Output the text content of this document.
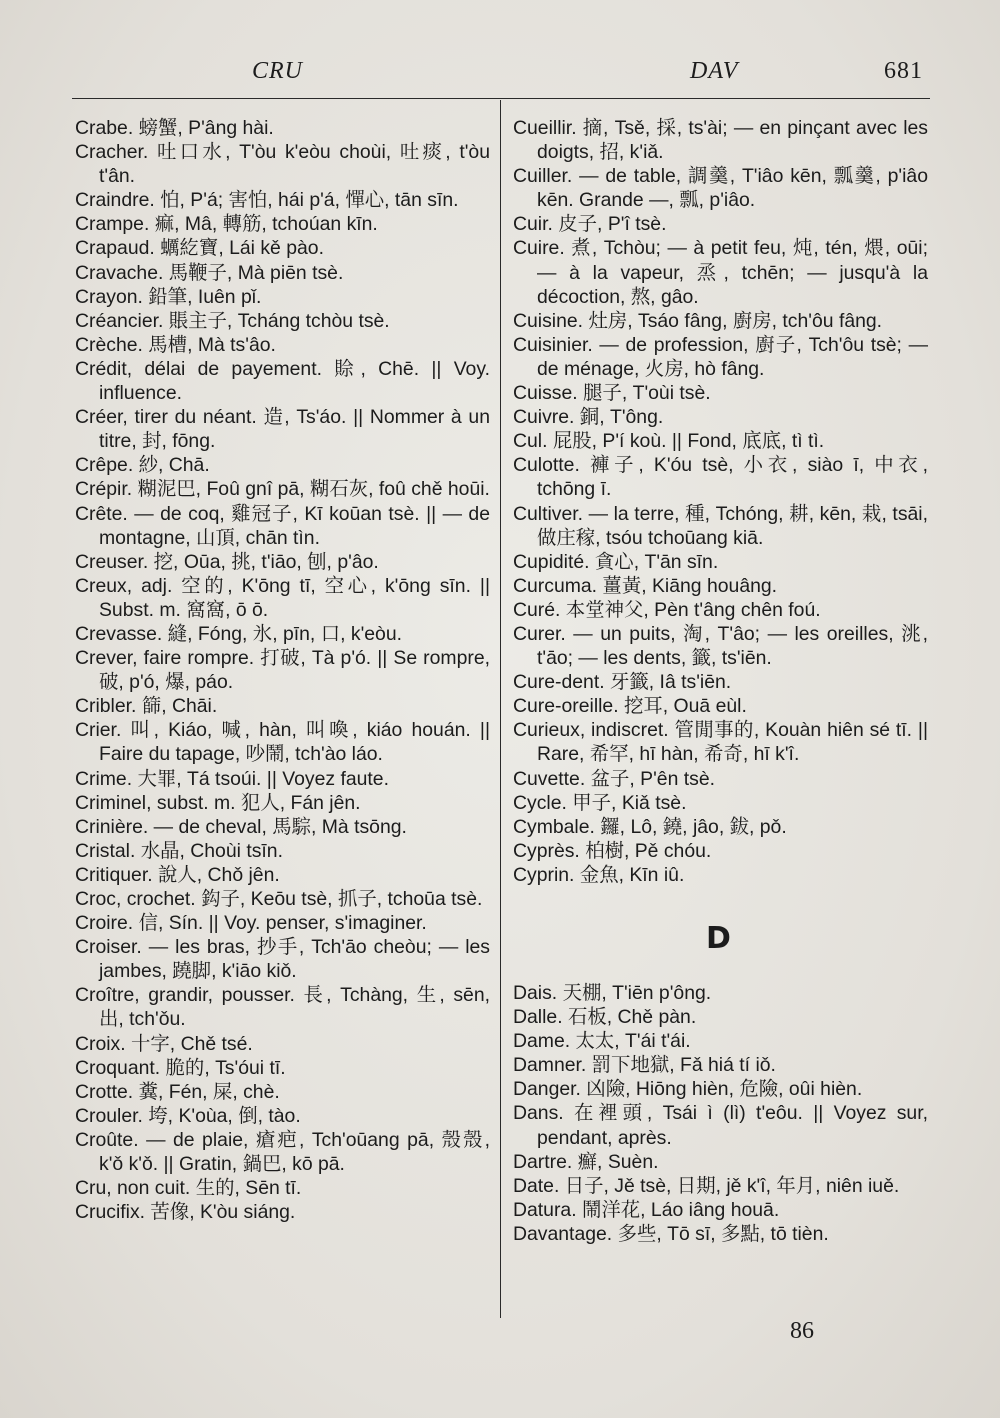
CRU	DAV	681
Crabe. 螃蟹, P'âng hài.
Cracher. 吐口水, T'òu k'eòu choùi, 吐痰, t'òu t'ân.
Craindre. 怕, P'á; 害怕, hái p'á, 憚心, tān sīn.
Crampe. 痲, Mâ, 轉筋, tchoúan kīn.
Crapaud. 蠣紇寶, Lái kě pào.
Cravache. 馬鞭子, Mà piēn tsè.
Crayon. 鉛筆, Iuên pǐ.
Créancier. 賬主子, Tcháng tchòu tsè.
Crèche. 馬槽, Mà ts'âo.
Crédit, délai de payement. 賒, Chē. || Voy. influence.
Créer, tirer du néant. 造, Ts'áo. || Nommer à un titre, 封, fōng.
Crêpe. 紗, Chā.
Crépir. 糊泥巴, Foû gnî pā, 糊石灰, foû chě hoūi.
Crête. — de coq, 雞冠子, Kī koūan tsè. || — de montagne, 山頂, chān tìn.
Creuser. 挖, Oūa, 挑, t'iāo, 刨, p'âo.
Creux, adj. 空的, K'ōng tī, 空心, k'ōng sīn. || Subst. m. 窩窩, ō ō.
Crevasse. 縫, Fóng, 氷, pīn, 口, k'eòu.
Crever, faire rompre. 打破, Tà p'ó. || Se rompre, 破, p'ó, 爆, páo.
Cribler. 篩, Chāi.
Crier. 叫, Kiáo, 喊, hàn, 叫喚, kiáo houán. || Faire du tapage, 吵鬧, tch'ào láo.
Crime. 大罪, Tá tsoúi. || Voyez faute.
Criminel, subst. m. 犯人, Fán jên.
Crinière. — de cheval, 馬騌, Mà tsōng.
Cristal. 水晶, Choùi tsīn.
Critiquer. 說人, Chǒ jên.
Croc, crochet. 鈎子, Keōu tsè, 抓子, tchoūa tsè.
Croire. 信, Sín. || Voy. penser, s'imaginer.
Croiser. — les bras, 抄手, Tch'āo cheòu; — les jambes, 蹺脚, k'iāo kiǒ.
Croître, grandir, pousser. 長, Tchàng, 生, sēn, 出, tch'ǒu.
Croix. 十字, Chě tsé.
Croquant. 脆的, Ts'óui tī.
Crotte. 糞, Fén, 屎, chè.
Crouler. 垮, K'oùa, 倒, tào.
Croûte. — de plaie, 瘡疤, Tch'oūang pā, 殼殼, k'ǒ k'ǒ. || Gratin, 鍋巴, kō pā.
Cru, non cuit. 生的, Sēn tī.
Crucifix. 苦像, K'òu siáng.
Cueillir. 摘, Tsě, 採, ts'ài; — en pinçant avec les doigts, 招, k'iǎ.
Cuiller. — de table, 調羹, T'iâo kēn, 瓢羹, p'iâo kēn. Grande —, 瓢, p'iâo.
Cuir. 皮子, P'î tsè.
Cuire. 煮, Tchòu; — à petit feu, 炖, tén, 煨, oūi; — à la vapeur, 烝, tchēn; — jusqu'à la décoction, 熬, gâo.
Cuisine. 灶房, Tsáo fâng, 廚房, tch'ôu fâng.
Cuisinier. — de profession, 廚子, Tch'ôu tsè; — de ménage, 火房, hò fâng.
Cuisse. 腿子, T'oùi tsè.
Cuivre. 銅, T'ông.
Cul. 屁股, P'í koù. || Fond, 底底, tì tì.
Culotte. 褲子, K'óu tsè, 小衣, siào ī, 中衣, tchōng ī.
Cultiver. — la terre, 種, Tchóng, 耕, kēn, 栽, tsāi, 做庄稼, tsóu tchoūang kiā.
Cupidité. 貪心, T'ān sīn.
Curcuma. 薑黃, Kiāng houâng.
Curé. 本堂神父, Pèn t'âng chên foú.
Curer. — un puits, 淘, T'âo; — les oreilles, 洮, t'āo; — les dents, 籤, ts'iēn.
Cure-dent. 牙籤, Iâ ts'iēn.
Cure-oreille. 挖耳, Ouā eùl.
Curieux, indiscret. 管閒事的, Kouàn hiên sé tī. || Rare, 希罕, hī hàn, 希奇, hī k'î.
Cuvette. 盆子, P'ên tsè.
Cycle. 甲子, Kiǎ tsè.
Cymbale. 鑼, Lô, 鐃, jâo, 鈸, pǒ.
Cyprès. 柏樹, Pě chóu.
Cyprin. 金魚, Kīn iû.
D
Dais. 天棚, T'iēn p'ông.
Dalle. 石板, Chě pàn.
Dame. 太太, T'ái t'ái.
Damner. 罰下地獄, Fǎ hiá tí iǒ.
Danger. 凶險, Hiōng hièn, 危險, oûi hièn.
Dans. 在裡頭, Tsái ì (lì) t'eôu. || Voyez sur, pendant, après.
Dartre. 癬, Suèn.
Date. 日子, Jě tsè, 日期, jě k'î, 年月, niên iuě.
Datura. 鬧洋花, Láo iâng houā.
Davantage. 多些, Tō sī, 多點, tō tièn.
86
